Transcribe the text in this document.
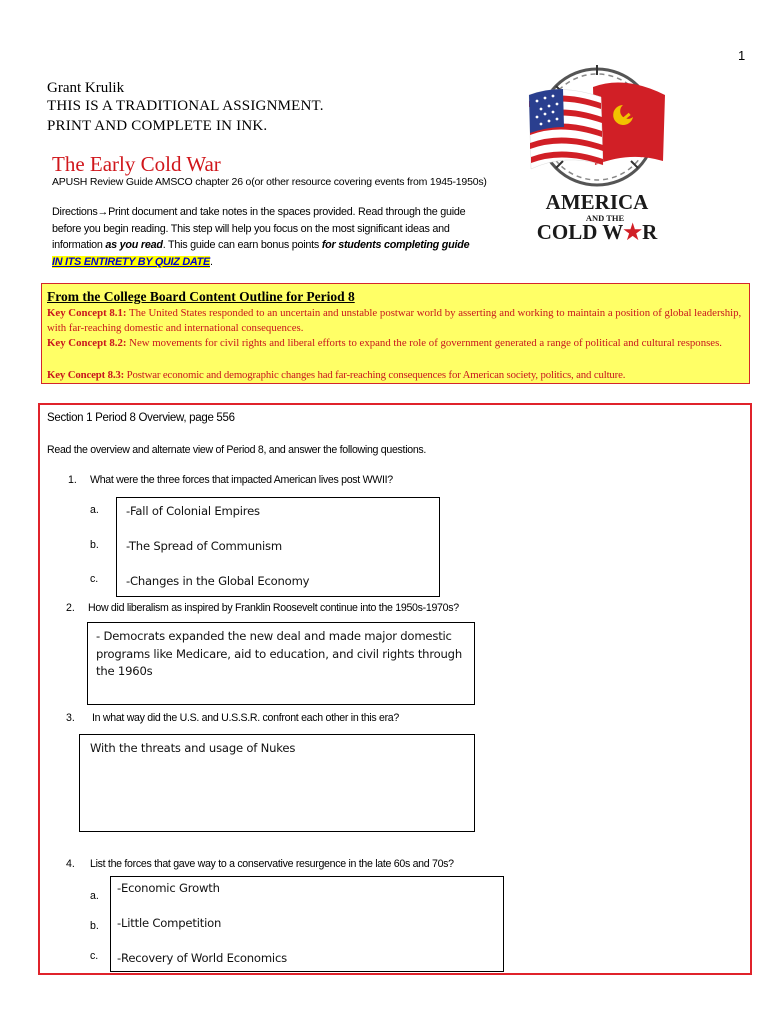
1
Grant Krulik
THIS IS A TRADITIONAL ASSIGNMENT.
PRINT AND COMPLETE IN INK.
The Early Cold War
APUSH Review Guide AMSCO chapter 26 o(or other resource covering events from 1945-1950s)
Directions→Print document and take notes in the spaces provided. Read through the guide before you begin reading. This step will help you focus on the most significant ideas and information as you read. This guide can earn bonus points for students completing guide
IN ITS ENTIRETY BY QUIZ DATE.
AMERICA
AND THE
COLD W★R
From the College Board Content Outline for Period 8
Key Concept 8.1: The United States responded to an uncertain and unstable postwar world by asserting and working to maintain a position of global leadership, with far-reaching domestic and international consequences.
Key Concept 8.2: New movements for civil rights and liberal efforts to expand the role of government generated a range of political and cultural responses.
Key Concept 8.3: Postwar economic and demographic changes had far-reaching consequences for American society, politics, and culture.
Section 1 Period 8 Overview, page 556
Read the overview and alternate view of Period 8, and answer the following questions.
1. What were the three forces that impacted American lives post WWII?
a. -Fall of Colonial Empires
b. -The Spread of Communism
c. -Changes in the Global Economy
2. How did liberalism as inspired by Franklin Roosevelt continue into the 1950s-1970s?
- Democrats expanded the new deal and made major domestic programs like Medicare, aid to education, and civil rights through the 1960s
3. In what way did the U.S. and U.S.S.R. confront each other in this era?
With the threats and usage of Nukes
4. List the forces that gave way to a conservative resurgence in the late 60s and 70s?
a.
-Economic Growth
b. -Little Competition
c. -Recovery of World Economics
